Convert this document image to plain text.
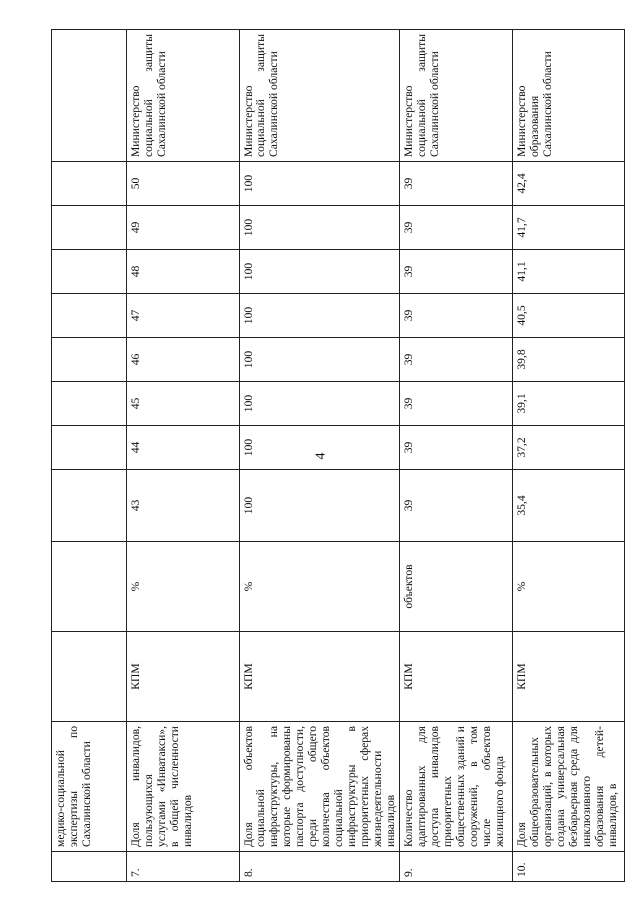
4
	медико-социальной экспертизы по Сахалинской области											
7.	Доля инвалидов, пользующихся услугами «Инватакси», в общей численности инвалидов	КПМ	%	43	44	45	46	47	48	49	50	Министерство социальной защиты Сахалинской области
8.	Доля объектов социальной инфраструктуры, на которые сформированы паспорта доступности, среди общего количества объектов социальной инфраструктуры в приоритетных сферах жизнедеятельности инвалидов	КПМ	%	100	100	100	100	100	100	100	100	Министерство социальной защиты Сахалинской области
9.	Количество адаптированных для доступа инвалидов приоритетных общественных зданий и сооружений, в том числе объектов жилищного фонда	КПМ	объектов	39	39	39	39	39	39	39	39	Министерство социальной защиты Сахалинской области
10.	Доля общеобразовательных организаций, в которых создана универсальная безбарьерная среда для инклюзивного образования детей-инвалидов, в	КПМ	%	35,4	37,2	39,1	39,8	40,5	41,1	41,7	42,4	Министерство образования Сахалинской области
